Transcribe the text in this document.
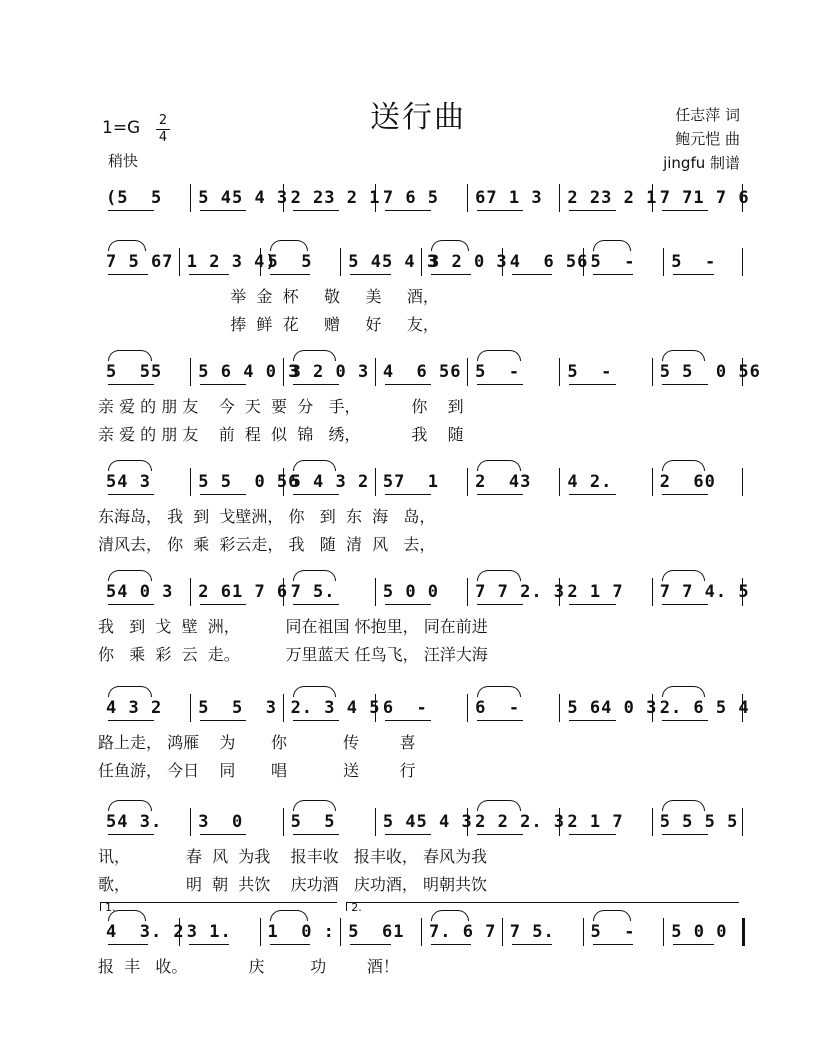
送行曲
1=G 2
4
稍快
任志萍 词
鲍元恺 曲
jingfu 制谱
(5  5 5 45 4 3 2 23 2 1 7 6 5 67 1 3 2 23 2 1 7 71 7 6
7 5 67 1 2 3 4)
5  5 5 45 4 3
3 2 0 3 4  6 56 5  - 5  -
举  金  杯     敬     美     酒，
捧  鲜  花     赠     好     友，
5  55 5 6 4 0 3
3 2 0 3 4  6 56 5  -	5  -	5 5  0 56
亲 爱 的 朋 友    今  天  要  分   手，          你    到
亲 爱 的 朋 友    前  程  似  锦   绣，          我    随
54 3	5 5  0 56
5 4 3 2 57  1 2  43 4 2.	2  60
东海岛， 我  到  戈壁洲， 你   到  东  海   岛，
清风去， 你  乘  彩云走， 我   随  清  风   去，
54 0 3 2 61 7 6 7 5.	5 0 0 7 7 2. 3 2 1 7 7 7 4. 5
我   到  戈  壁  洲，         同在祖国 怀抱里， 同在前进
你   乘  彩  云  走。         万里蓝天 任鸟飞， 汪洋大海
4 3 2 5  5  3 2. 3 4 5 6  -	6  -	5 64 0 3 2. 6 5 4
路上走， 鸿雁    为       你           传        喜
任鱼游， 今日    同       唱           送        行
54 3. 3  0	5  5	5 45 4 3 2 2 2. 3 2 1 7 5 5 5 5
讯，           春  风  为我    报丰收   报丰收， 春风为我
歌，           明  朝  共饮    庆功酒   庆功酒， 明朝共饮
4  3. 2 3 1. 1  0 : 5  61 7. 6 7 7 5. 5  - 5 0 0
报  丰   收。            庆         功        酒！
1.	2.
